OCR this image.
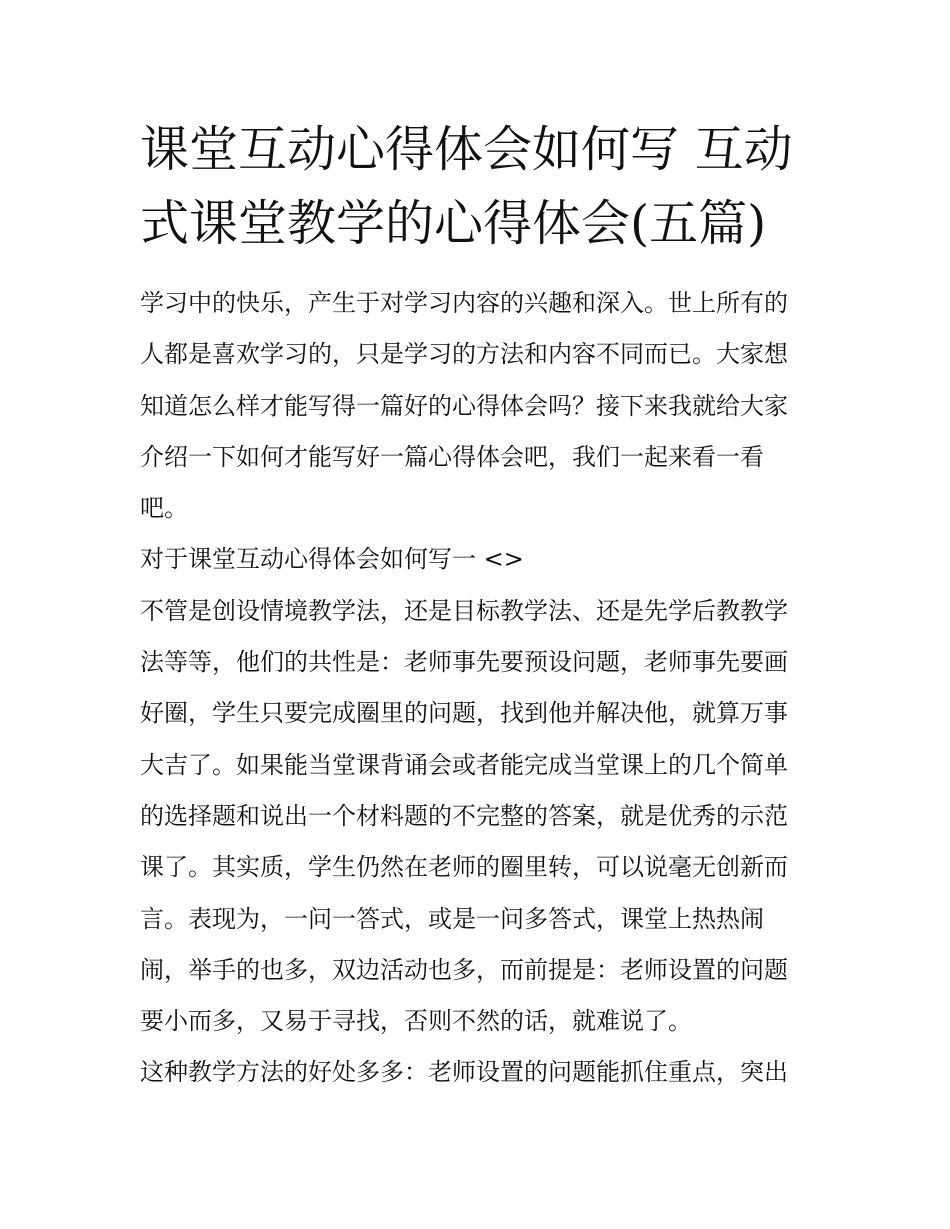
课堂互动心得体会如何写 互动
式课堂教学的心得体会(五篇)

学习中的快乐，产生于对学习内容的兴趣和深入。世上所有的
人都是喜欢学习的，只是学习的方法和内容不同而已。大家想
知道怎么样才能写得一篇好的心得体会吗？接下来我就给大家
介绍一下如何才能写好一篇心得体会吧，我们一起来看一看
吧。

对于课堂互动心得体会如何写一 <>

不管是创设情境教学法，还是目标教学法、还是先学后教教学
法等等，他们的共性是：老师事先要预设问题，老师事先要画
好圈，学生只要完成圈里的问题，找到他并解决他，就算万事
大吉了。如果能当堂课背诵会或者能完成当堂课上的几个简单
的选择题和说出一个材料题的不完整的答案，就是优秀的示范
课了。其实质，学生仍然在老师的圈里转，可以说毫无创新而
言。表现为，一问一答式，或是一问多答式，课堂上热热闹
闹，举手的也多，双边活动也多，而前提是：老师设置的问题
要小而多，又易于寻找，否则不然的话，就难说了。

这种教学方法的好处多多：老师设置的问题能抓住重点，突出
